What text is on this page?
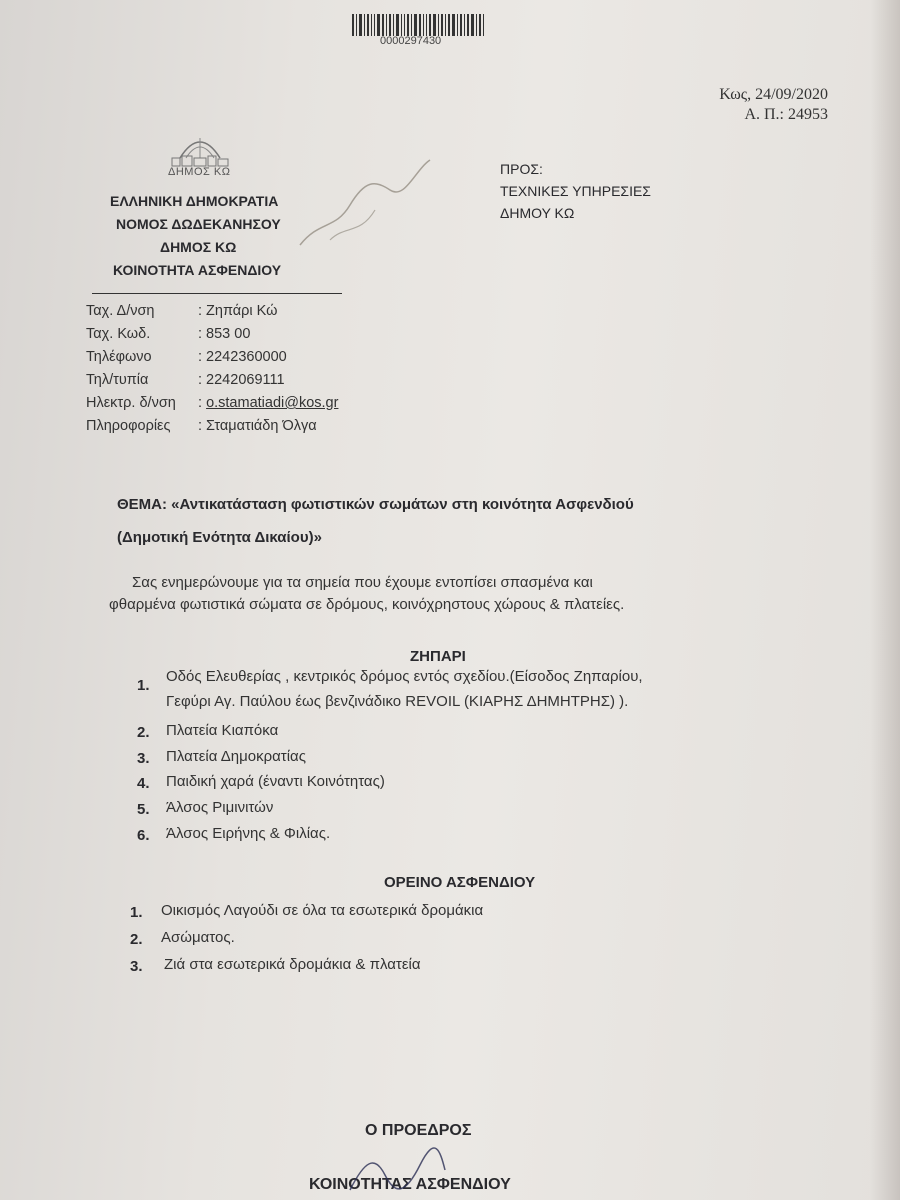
0000297430
Κως, 24/09/2020
Α. Π.: 24953
ΔΗΜΟΣ ΚΩ
ΕΛΛΗΝΙΚΗ ΔΗΜΟΚΡΑΤΙΑ
ΝΟΜΟΣ ΔΩΔΕΚΑΝΗΣΟΥ
ΔΗΜΟΣ ΚΩ
ΚΟΙΝΟΤΗΤΑ ΑΣΦΕΝΔΙΟΥ
ΠΡΟΣ:
ΤΕΧΝΙΚΕΣ ΥΠΗΡΕΣΙΕΣ
ΔΗΜΟΥ ΚΩ
Ταχ. Δ/νση	: Ζηπάρι Κώ
Ταχ. Κωδ.	: 853 00
Τηλέφωνο	: 2242360000
Τηλ/τυπία	: 2242069111
Ηλεκτρ. δ/νση : o.stamatiadi@kos.gr
Πληροφορίες : Σταματιάδη Όλγα
ΘΕΜΑ: «Αντικατάσταση φωτιστικών σωμάτων στη κοινότητα Ασφενδιού
(Δημοτική Ενότητα Δικαίου)»
Σας ενημερώνουμε για τα σημεία που έχουμε εντοπίσει σπασμένα και
φθαρμένα φωτιστικά σώματα σε δρόμους, κοινόχρηστους χώρους & πλατείες.
ΖΗΠΑΡΙ
1.
Οδός Ελευθερίας , κεντρικός δρόμος εντός σχεδίου.(Είσοδος Ζηπαρίου,
Γεφύρι Αγ. Παύλου έως βενζινάδικο REVOIL (ΚΙΑΡΗΣ ΔΗΜΗΤΡΗΣ) ).
2. Πλατεία Κιαπόκα
3. Πλατεία Δημοκρατίας
4. Παιδική χαρά (έναντι Κοινότητας)
5. Άλσος Ριμινιτών
6. Άλσος Ειρήνης & Φιλίας.
ΟΡΕΙΝΟ ΑΣΦΕΝΔΙΟΥ
1. Οικισμός Λαγούδι σε όλα τα εσωτερικά δρομάκια
2. Ασώματος.
3. Ζιά στα εσωτερικά δρομάκια & πλατεία
Ο ΠΡΟΕΔΡΟΣ
ΚΟΙΝΟΤΗΤΑΣ ΑΣΦΕΝΔΙΟΥ
